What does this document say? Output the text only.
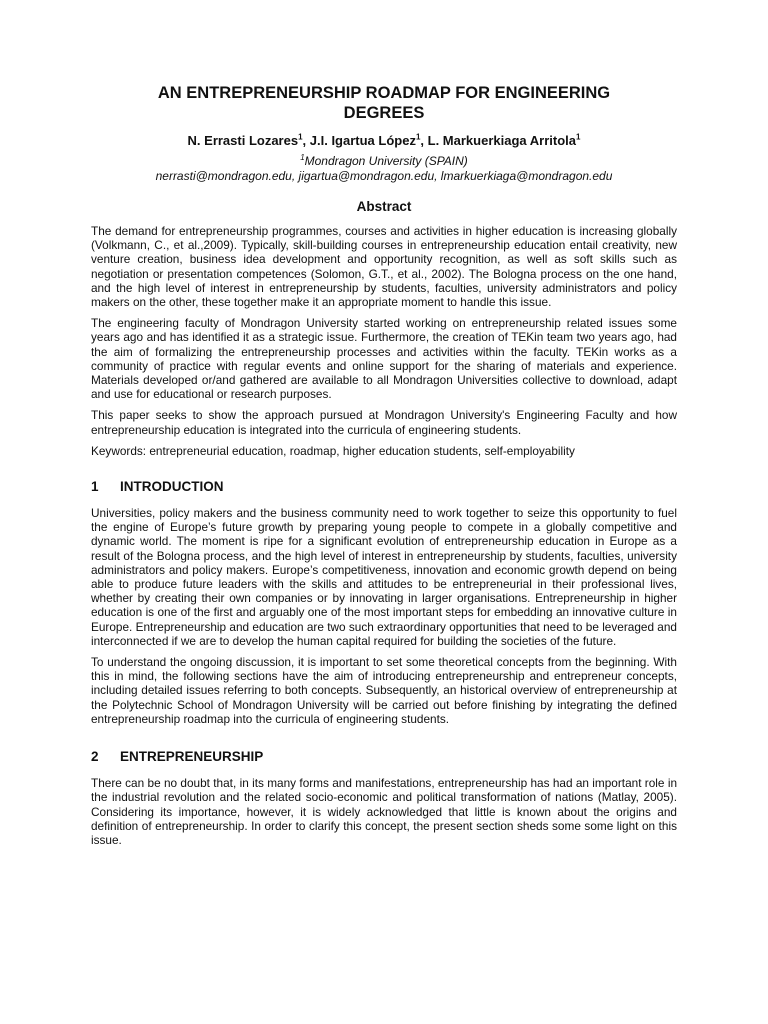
AN ENTREPRENEURSHIP ROADMAP FOR ENGINEERING DEGREES
N. Errasti Lozares$^1$, J.I. Igartua López$^1$, L. Markuerkiaga Arritola$^1$

$^1$Mondragon University (SPAIN)

nerrasti@mondragon.edu, jigartua@mondragon.edu, lmarkuerkiaga@mondragon.edu

Abstract

The demand for entrepreneurship programmes, courses and activities in higher education is increasing globally (Volkmann, C., et al.,2009). Typically, skill-building courses in entrepreneurship education entail creativity, new venture creation, business idea development and opportunity recognition, as well as soft skills such as negotiation or presentation competences (Solomon, G.T., et al., 2002). The Bologna process on the one hand, and the high level of interest in entrepreneurship by students, faculties, university administrators and policy makers on the other, these together make it an appropriate moment to handle this issue.

The engineering faculty of Mondragon University started working on entrepreneurship related issues some years ago and has identified it as a strategic issue. Furthermore, the creation of TEKin team two years ago, had the aim of formalizing the entrepreneurship processes and activities within the faculty. TEKin works as a community of practice with regular events and online support for the sharing of materials and experience. Materials developed or/and gathered are available to all Mondragon Universities collective to download, adapt and use for educational or research purposes.

This paper seeks to show the approach pursued at Mondragon University's Engineering Faculty and how entrepreneurship education is integrated into the curricula of engineering students.

Keywords: entrepreneurial education, roadmap, higher education students, self-employability

1	INTRODUCTION

Universities, policy makers and the business community need to work together to seize this opportunity to fuel the engine of Europe’s future growth by preparing young people to compete in a globally competitive and dynamic world. The moment is ripe for a significant evolution of entrepreneurship education in Europe as a result of the Bologna process, and the high level of interest in entrepreneurship by students, faculties, university administrators and policy makers. Europe’s competitiveness, innovation and economic growth depend on being able to produce future leaders with the skills and attitudes to be entrepreneurial in their professional lives, whether by creating their own companies or by innovating in larger organisations. Entrepreneurship in higher education is one of the first and arguably one of the most important steps for embedding an innovative culture in Europe. Entrepreneurship and education are two such extraordinary opportunities that need to be leveraged and interconnected if we are to develop the human capital required for building the societies of the future.

To understand the ongoing discussion, it is important to set some theoretical concepts from the beginning. With this in mind, the following sections have the aim of introducing entrepreneurship and entrepreneur concepts, including detailed issues referring to both concepts. Subsequently, an historical overview of entrepreneurship at the Polytechnic School of Mondragon University will be carried out before finishing by integrating the defined entrepreneurship roadmap into the curricula of engineering students.

2	ENTREPRENEURSHIP

There can be no doubt that, in its many forms and manifestations, entrepreneurship has had an important role in the industrial revolution and the related socio-economic and political transformation of nations (Matlay, 2005). Considering its importance, however, it is widely acknowledged that little is known about the origins and definition of entrepreneurship. In order to clarify this concept, the present section sheds some some light on this issue.
